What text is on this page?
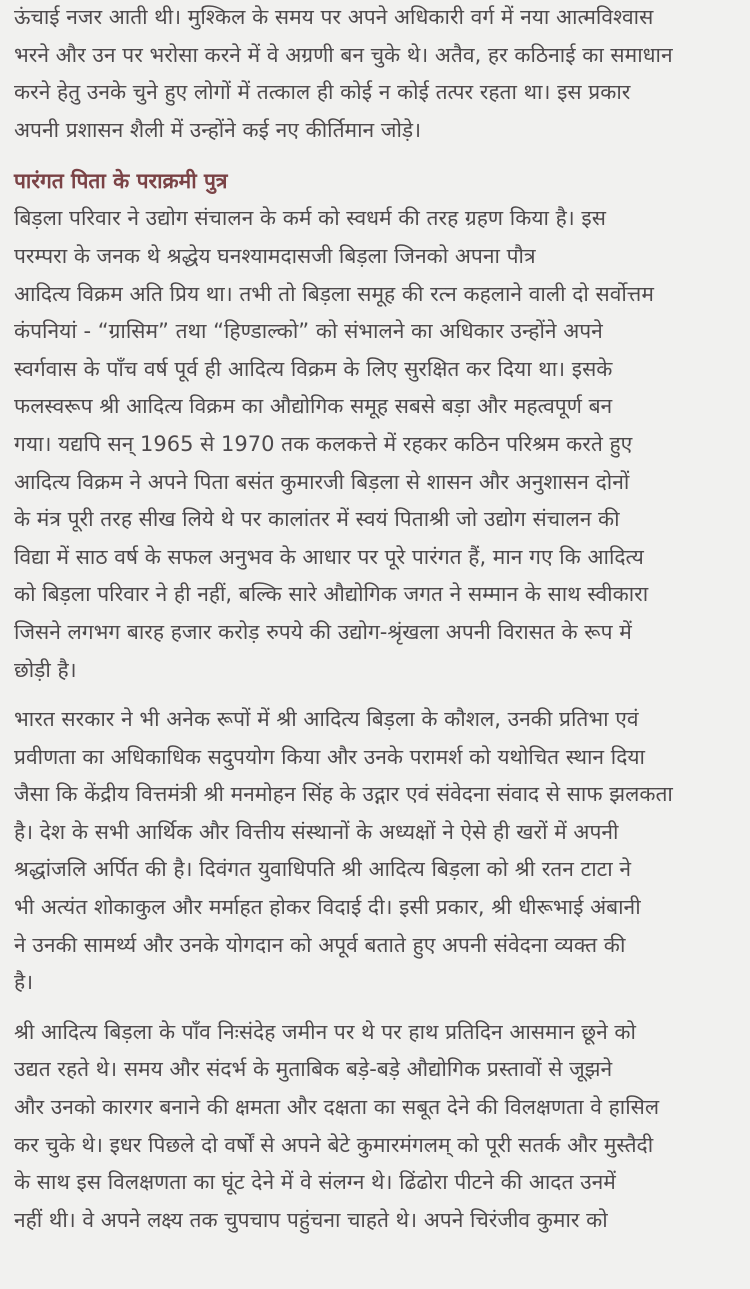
ऊंचाई नजर आती थी। मुश्किल के समय पर अपने अधिकारी वर्ग में नया आत्मविश्वास
भरने और उन पर भरोसा करने में वे अग्रणी बन चुके थे। अतैव, हर कठिनाई का समाधान
करने हेतु उनके चुने हुए लोगों में तत्काल ही कोई न कोई तत्पर रहता था। इस प्रकार
अपनी प्रशासन शैली में उन्होंने कई नए कीर्तिमान जोड़े।
पारंगत पिता के पराक्रमी पुत्र
बिड़ला परिवार ने उद्योग संचालन के कर्म को स्वधर्म की तरह ग्रहण किया है। इस
परम्परा के जनक थे श्रद्धेय घनश्यामदासजी बिड़ला जिनको अपना पौत्र
आदित्य विक्रम अति प्रिय था। तभी तो बिड़ला समूह की रत्न कहलाने वाली दो सर्वोत्तम
कंपनियां - “ग्रासिम” तथा “हिण्डाल्को” को संभालने का अधिकार उन्होंने अपने
स्वर्गवास के पाँच वर्ष पूर्व ही आदित्य विक्रम के लिए सुरक्षित कर दिया था। इसके
फलस्वरूप श्री आदित्य विक्रम का औद्योगिक समूह सबसे बड़ा और महत्वपूर्ण बन
गया। यद्यपि सन् 1965 से 1970 तक कलकत्ते में रहकर कठिन परिश्रम करते हुए
आदित्य विक्रम ने अपने पिता बसंत कुमारजी बिड़ला से शासन और अनुशासन दोनों
के मंत्र पूरी तरह सीख लिये थे पर कालांतर में स्वयं पिताश्री जो उद्योग संचालन की
विद्या में साठ वर्ष के सफल अनुभव के आधार पर पूरे पारंगत हैं, मान गए कि आदित्य
को बिड़ला परिवार ने ही नहीं, बल्कि सारे औद्योगिक जगत ने सम्मान के साथ स्वीकारा
जिसने लगभग बारह हजार करोड़ रुपये की उद्योग-श्रृंखला अपनी विरासत के रूप में
छोड़ी है।
भारत सरकार ने भी अनेक रूपों में श्री आदित्य बिड़ला के कौशल, उनकी प्रतिभा एवं
प्रवीणता का अधिकाधिक सदुपयोग किया और उनके परामर्श को यथोचित स्थान दिया
जैसा कि केंद्रीय वित्तमंत्री श्री मनमोहन सिंह के उद्गार एवं संवेदना संवाद से साफ झलकता
है। देश के सभी आर्थिक और वित्तीय संस्थानों के अध्यक्षों ने ऐसे ही खरों में अपनी
श्रद्धांजलि अर्पित की है। दिवंगत युवाधिपति श्री आदित्य बिड़ला को श्री रतन टाटा ने
भी अत्यंत शोकाकुल और मर्माहत होकर विदाई दी। इसी प्रकार, श्री धीरूभाई अंबानी
ने उनकी सामर्थ्य और उनके योगदान को अपूर्व बताते हुए अपनी संवेदना व्यक्त की
है।
श्री आदित्य बिड़ला के पाँव निःसंदेह जमीन पर थे पर हाथ प्रतिदिन आसमान छूने को
उद्यत रहते थे। समय और संदर्भ के मुताबिक बड़े-बड़े औद्योगिक प्रस्तावों से जूझने
और उनको कारगर बनाने की क्षमता और दक्षता का सबूत देने की विलक्षणता वे हासिल
कर चुके थे। इधर पिछले दो वर्षों से अपने बेटे कुमारमंगलम् को पूरी सतर्क और मुस्तैदी
के साथ इस विलक्षणता का घूंट देने में वे संलग्न थे। ढिंढोरा पीटने की आदत उनमें
नहीं थी। वे अपने लक्ष्य तक चुपचाप पहुंचना चाहते थे। अपने चिरंजीव कुमार को
